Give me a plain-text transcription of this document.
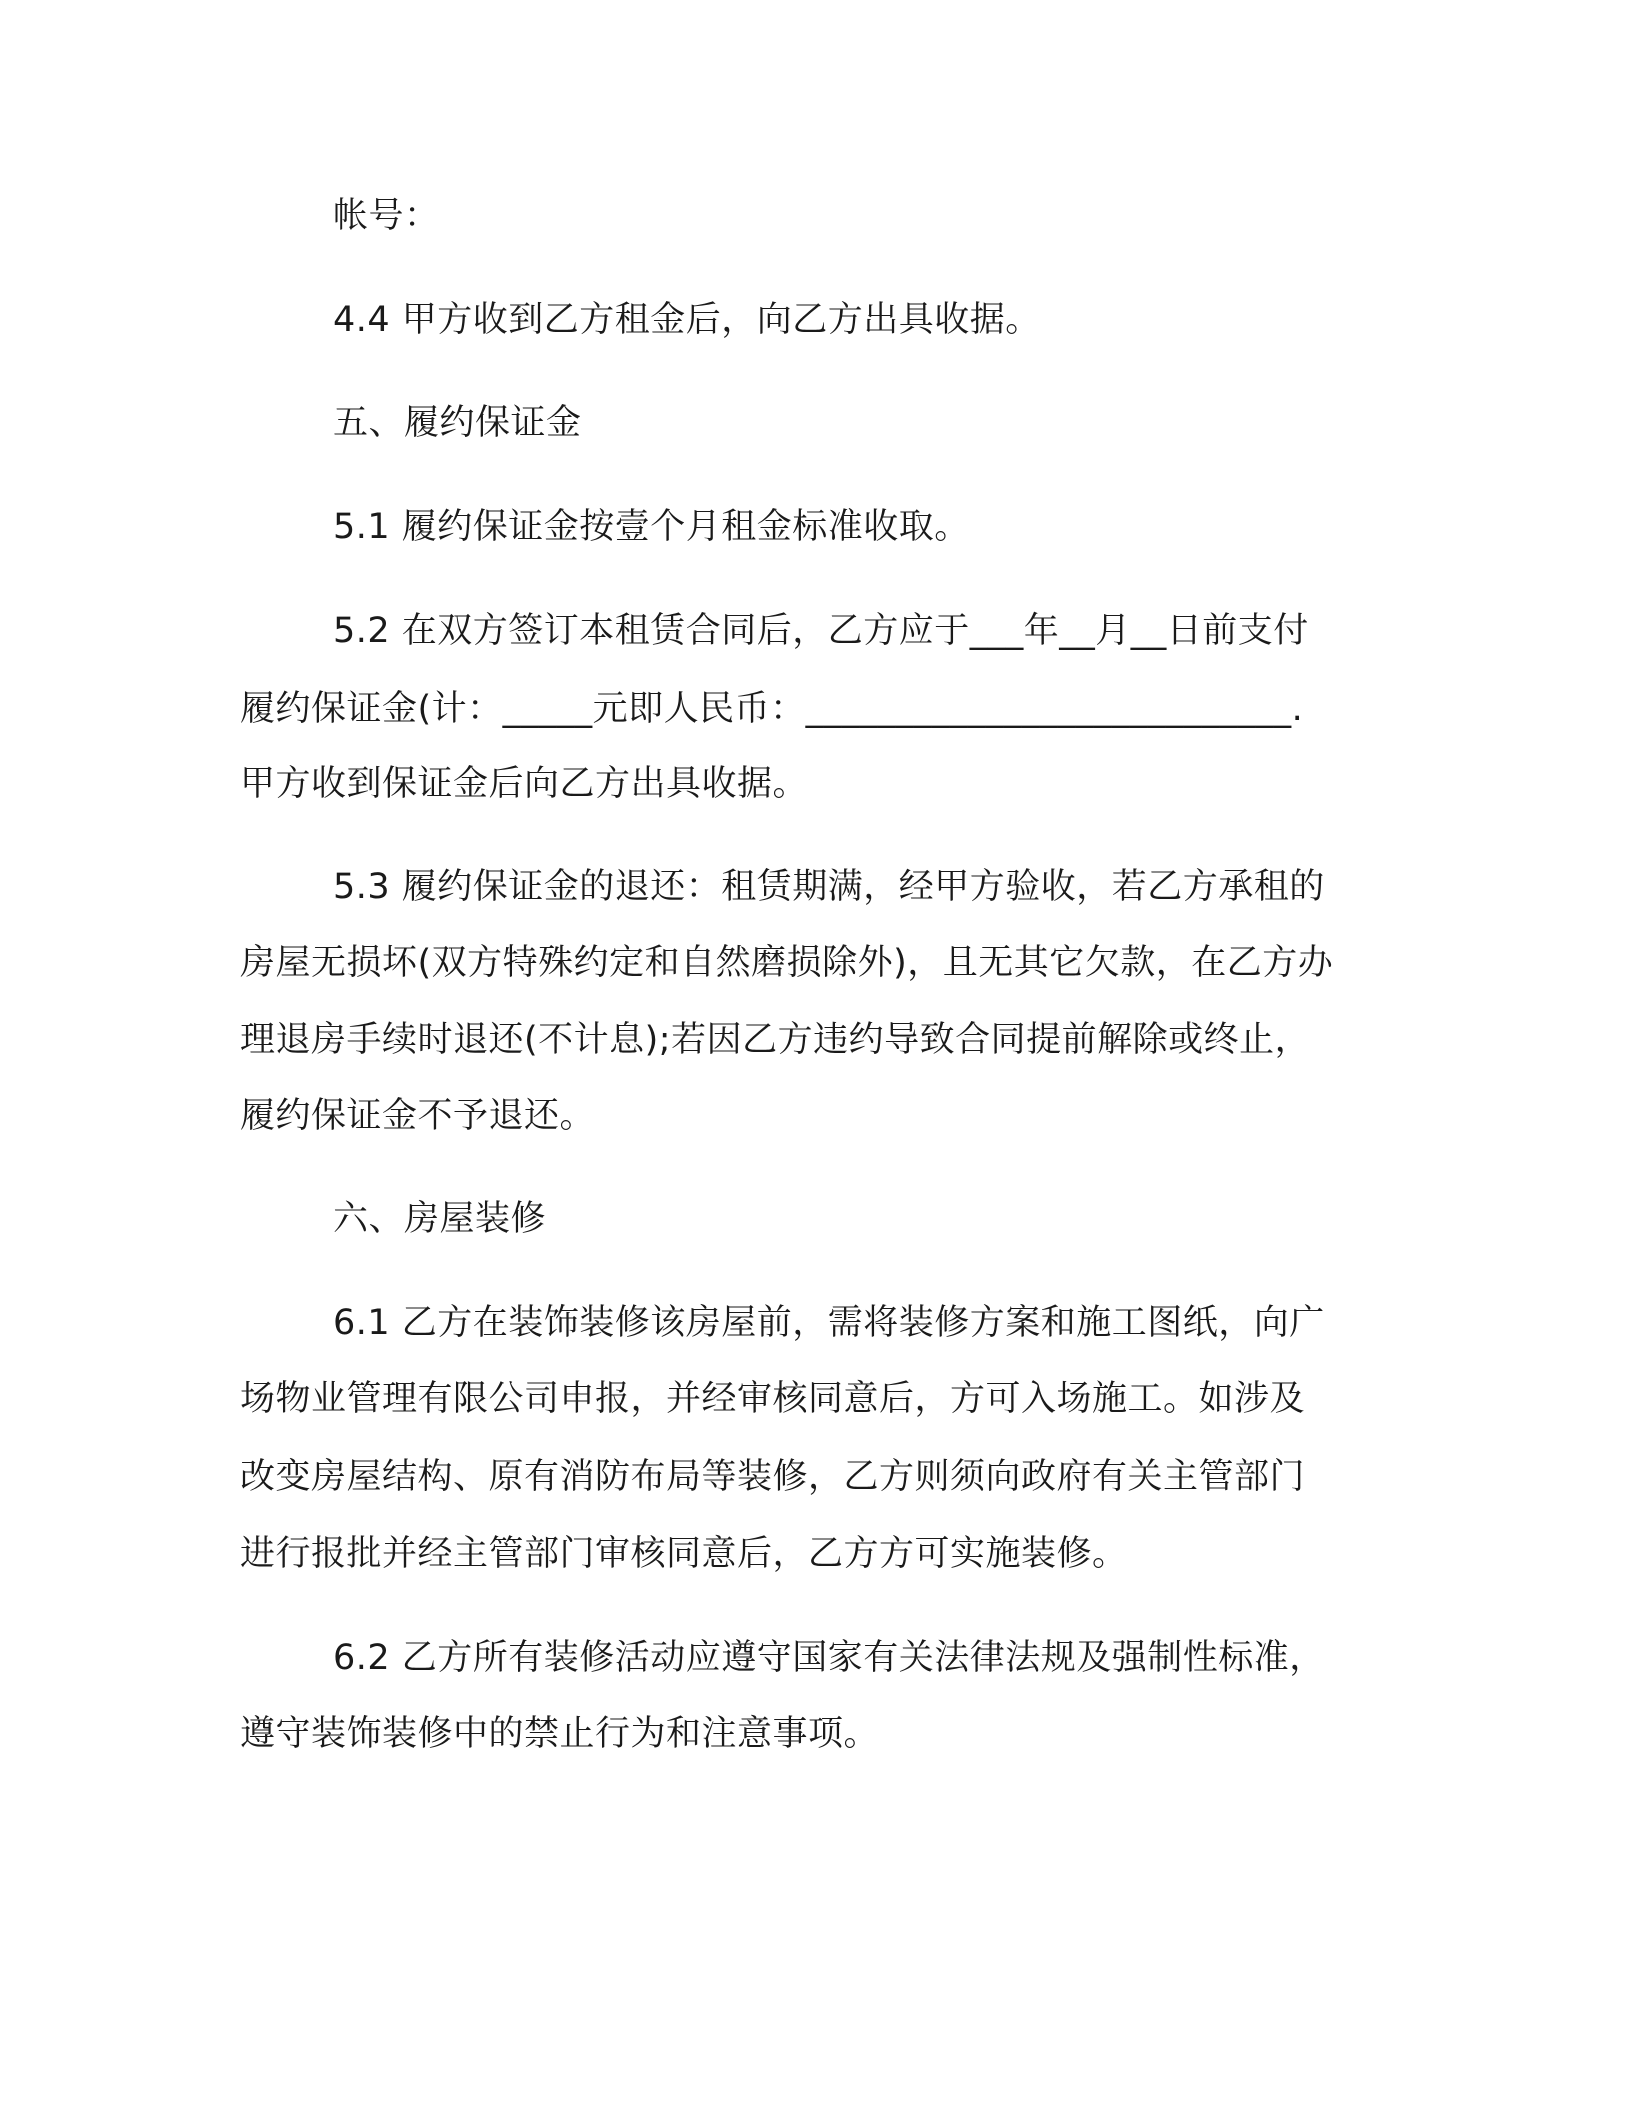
帐号：
4.4 甲方收到乙方租金后，向乙方出具收据。
五、履约保证金
5.1 履约保证金按壹个月租金标准收取。
5.2 在双方签订本租赁合同后，乙方应于___年__月__日前支付
履约保证金(计：_____元即人民币：___________________________.
甲方收到保证金后向乙方出具收据。
5.3 履约保证金的退还：租赁期满，经甲方验收，若乙方承租的
房屋无损坏(双方特殊约定和自然磨损除外)，且无其它欠款，在乙方办
理退房手续时退还(不计息);若因乙方违约导致合同提前解除或终止，
履约保证金不予退还。
六、房屋装修
6.1 乙方在装饰装修该房屋前，需将装修方案和施工图纸，向广
场物业管理有限公司申报，并经审核同意后，方可入场施工。如涉及
改变房屋结构、原有消防布局等装修，乙方则须向政府有关主管部门
进行报批并经主管部门审核同意后，乙方方可实施装修。
6.2 乙方所有装修活动应遵守国家有关法律法规及强制性标准，
遵守装饰装修中的禁止行为和注意事项。
